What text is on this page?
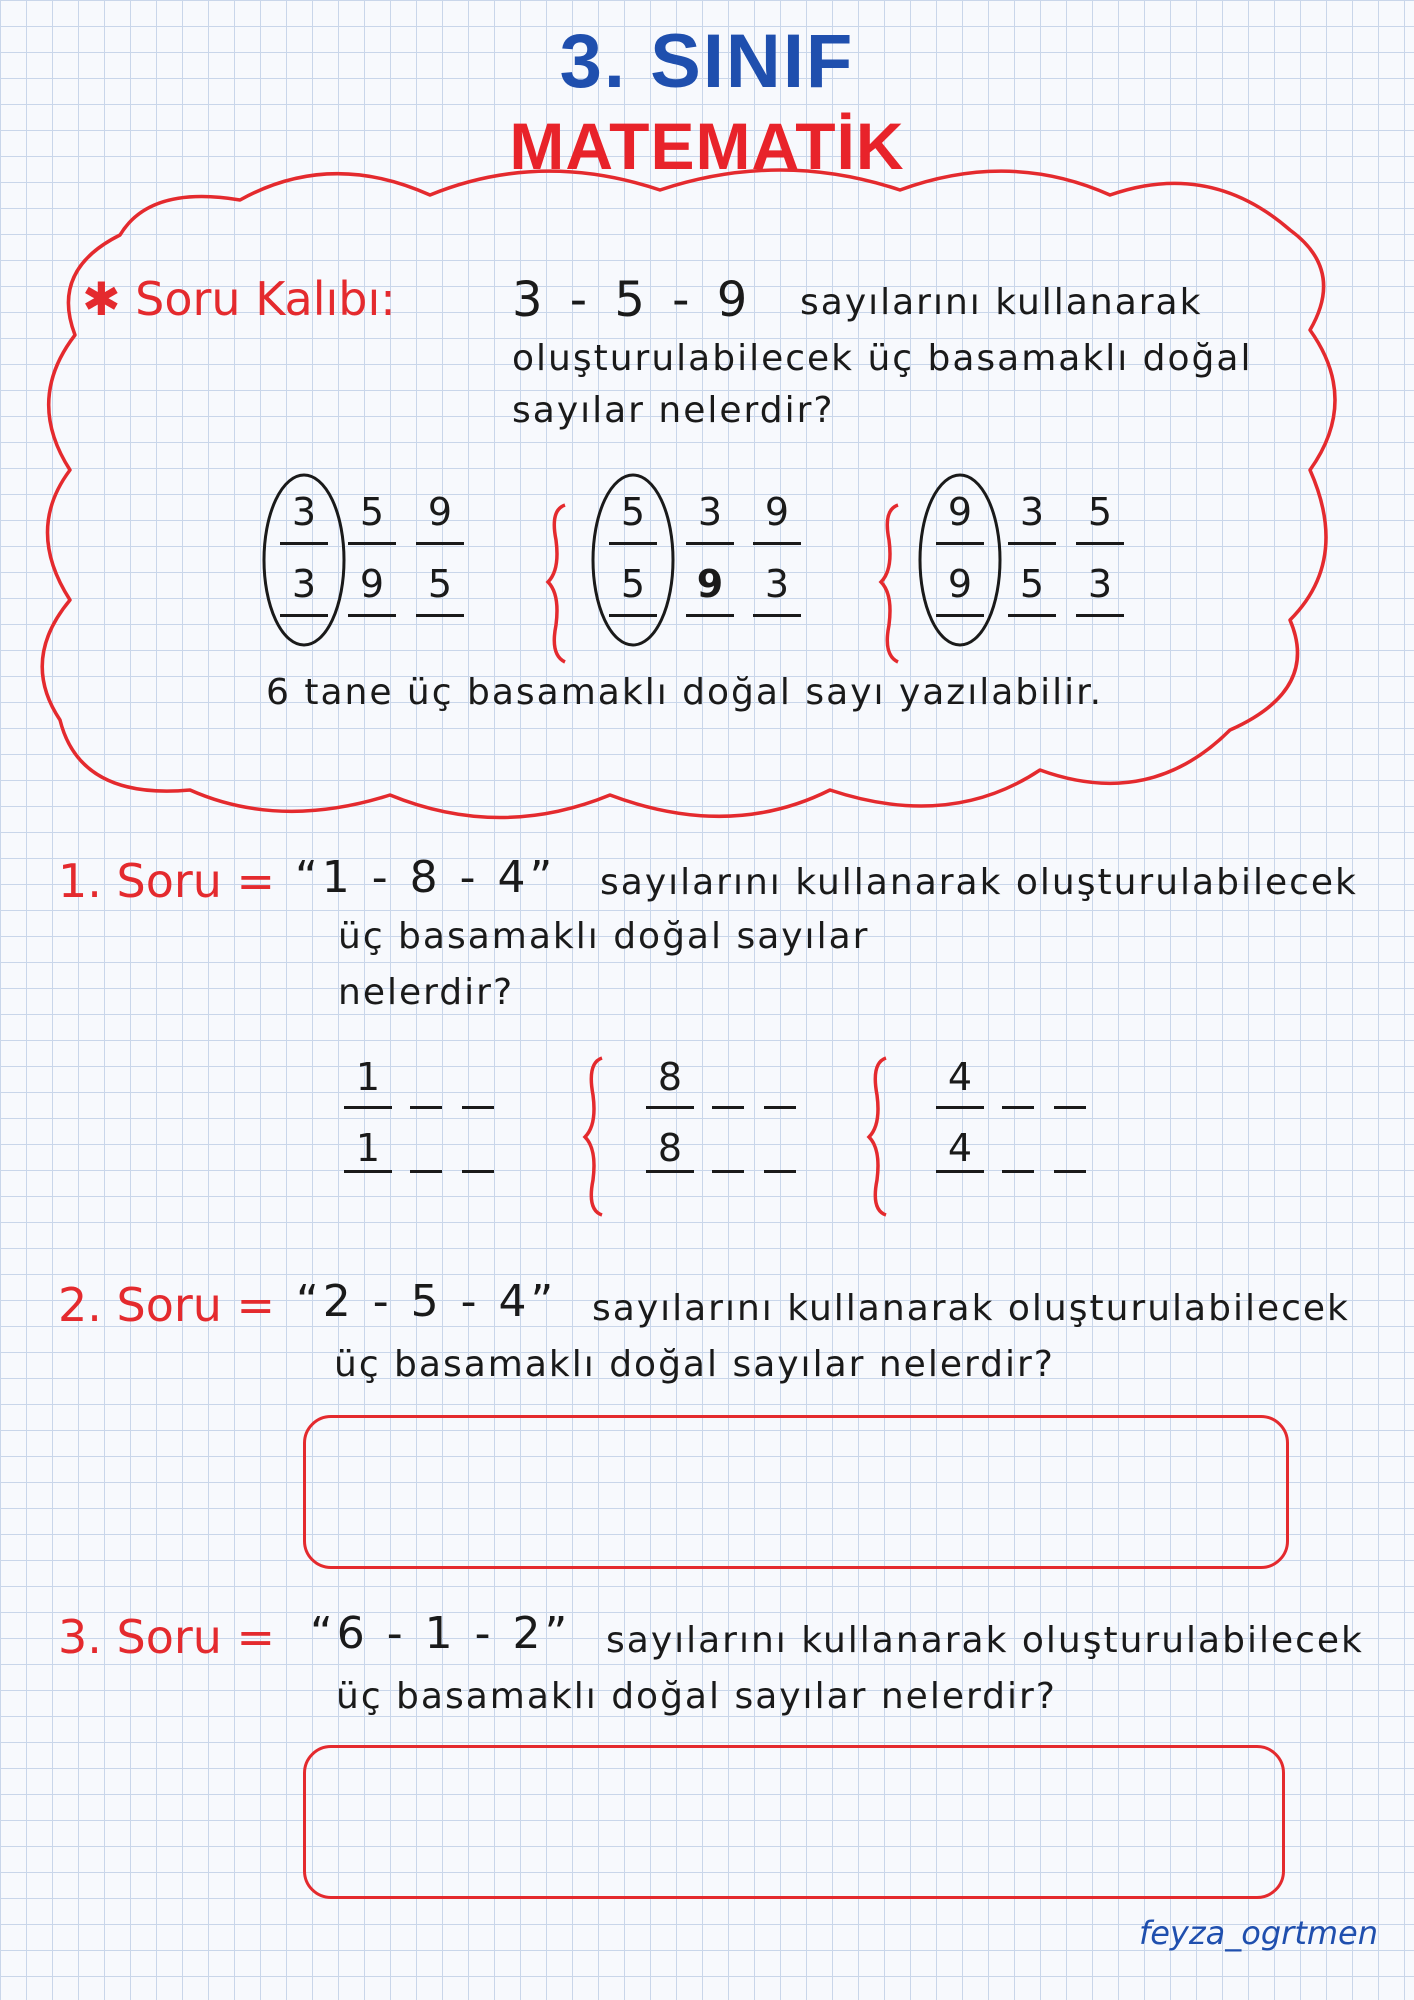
3. SINIF
MATEMATİK
✱ Soru Kalıbı: 3 - 5 - 9 sayılarını kullanarak
oluşturulabilecek üç basamaklı doğal
sayılar nelerdir?
3 5 9
3 9 5
5 3 9
5 9 3
9 3 5
9 5 3
6 tane üç basamaklı doğal sayı yazılabilir.
1. Soru = “1 - 8 - 4” sayılarını kullanarak oluşturulabilecek
üç basamaklı doğal sayılar
nelerdir?
1
1
8
8
4
4
2. Soru = “2 - 5 - 4” sayılarını kullanarak oluşturulabilecek
üç basamaklı doğal sayılar nelerdir?
3. Soru = “6 - 1 - 2” sayılarını kullanarak oluşturulabilecek
üç basamaklı doğal sayılar nelerdir?
feyza_ogrtmen
